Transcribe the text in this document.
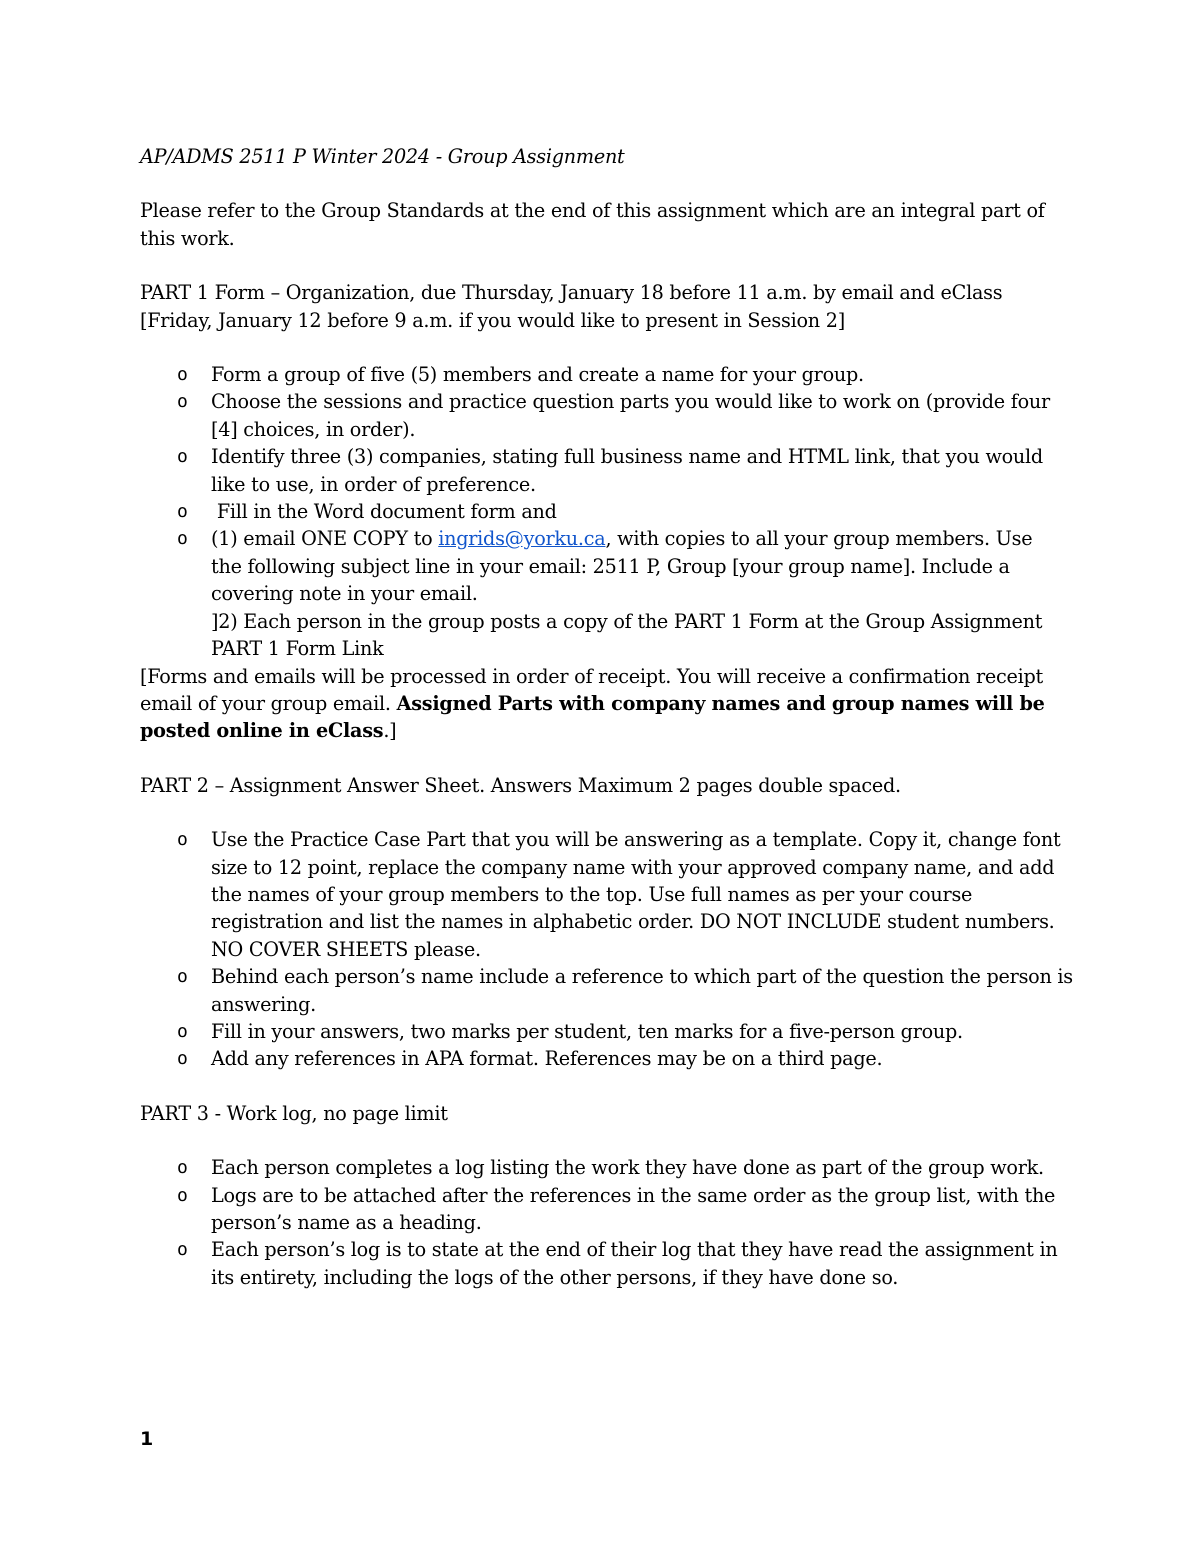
AP/ADMS 2511 P Winter 2024 - Group Assignment

Please refer to the Group Standards at the end of this assignment which are an integral part of

this work.

PART 1 Form – Organization, due Thursday, January 18 before 11 a.m. by email and eClass

[Friday, January 12 before 9 a.m. if you would like to present in Session 2]

o Form a group of five (5) members and create a name for your group.

o Choose the sessions and practice question parts you would like to work on (provide four

[4] choices, in order).

o Identify three (3) companies, stating full business name and HTML link, that you would

like to use, in order of preference.

o Fill in the Word document form and

o (1) email ONE COPY to ingrids@yorku.ca, with copies to all your group members. Use

the following subject line in your email: 2511 P, Group [your group name]. Include a

covering note in your email.

]2) Each person in the group posts a copy of the PART 1 Form at the Group Assignment

PART 1 Form Link

[Forms and emails will be processed in order of receipt. You will receive a confirmation receipt

email of your group email. Assigned Parts with company names and group names will be

posted online in eClass.]

PART 2 – Assignment Answer Sheet. Answers Maximum 2 pages double spaced.

o Use the Practice Case Part that you will be answering as a template. Copy it, change font

size to 12 point, replace the company name with your approved company name, and add

the names of your group members to the top. Use full names as per your course

registration and list the names in alphabetic order. DO NOT INCLUDE student numbers.

NO COVER SHEETS please.

o Behind each person’s name include a reference to which part of the question the person is

answering.

o Fill in your answers, two marks per student, ten marks for a five-person group.

o Add any references in APA format. References may be on a third page.

PART 3 - Work log, no page limit

o Each person completes a log listing the work they have done as part of the group work.

o Logs are to be attached after the references in the same order as the group list, with the

person’s name as a heading.

o Each person’s log is to state at the end of their log that they have read the assignment in

its entirety, including the logs of the other persons, if they have done so.

1
